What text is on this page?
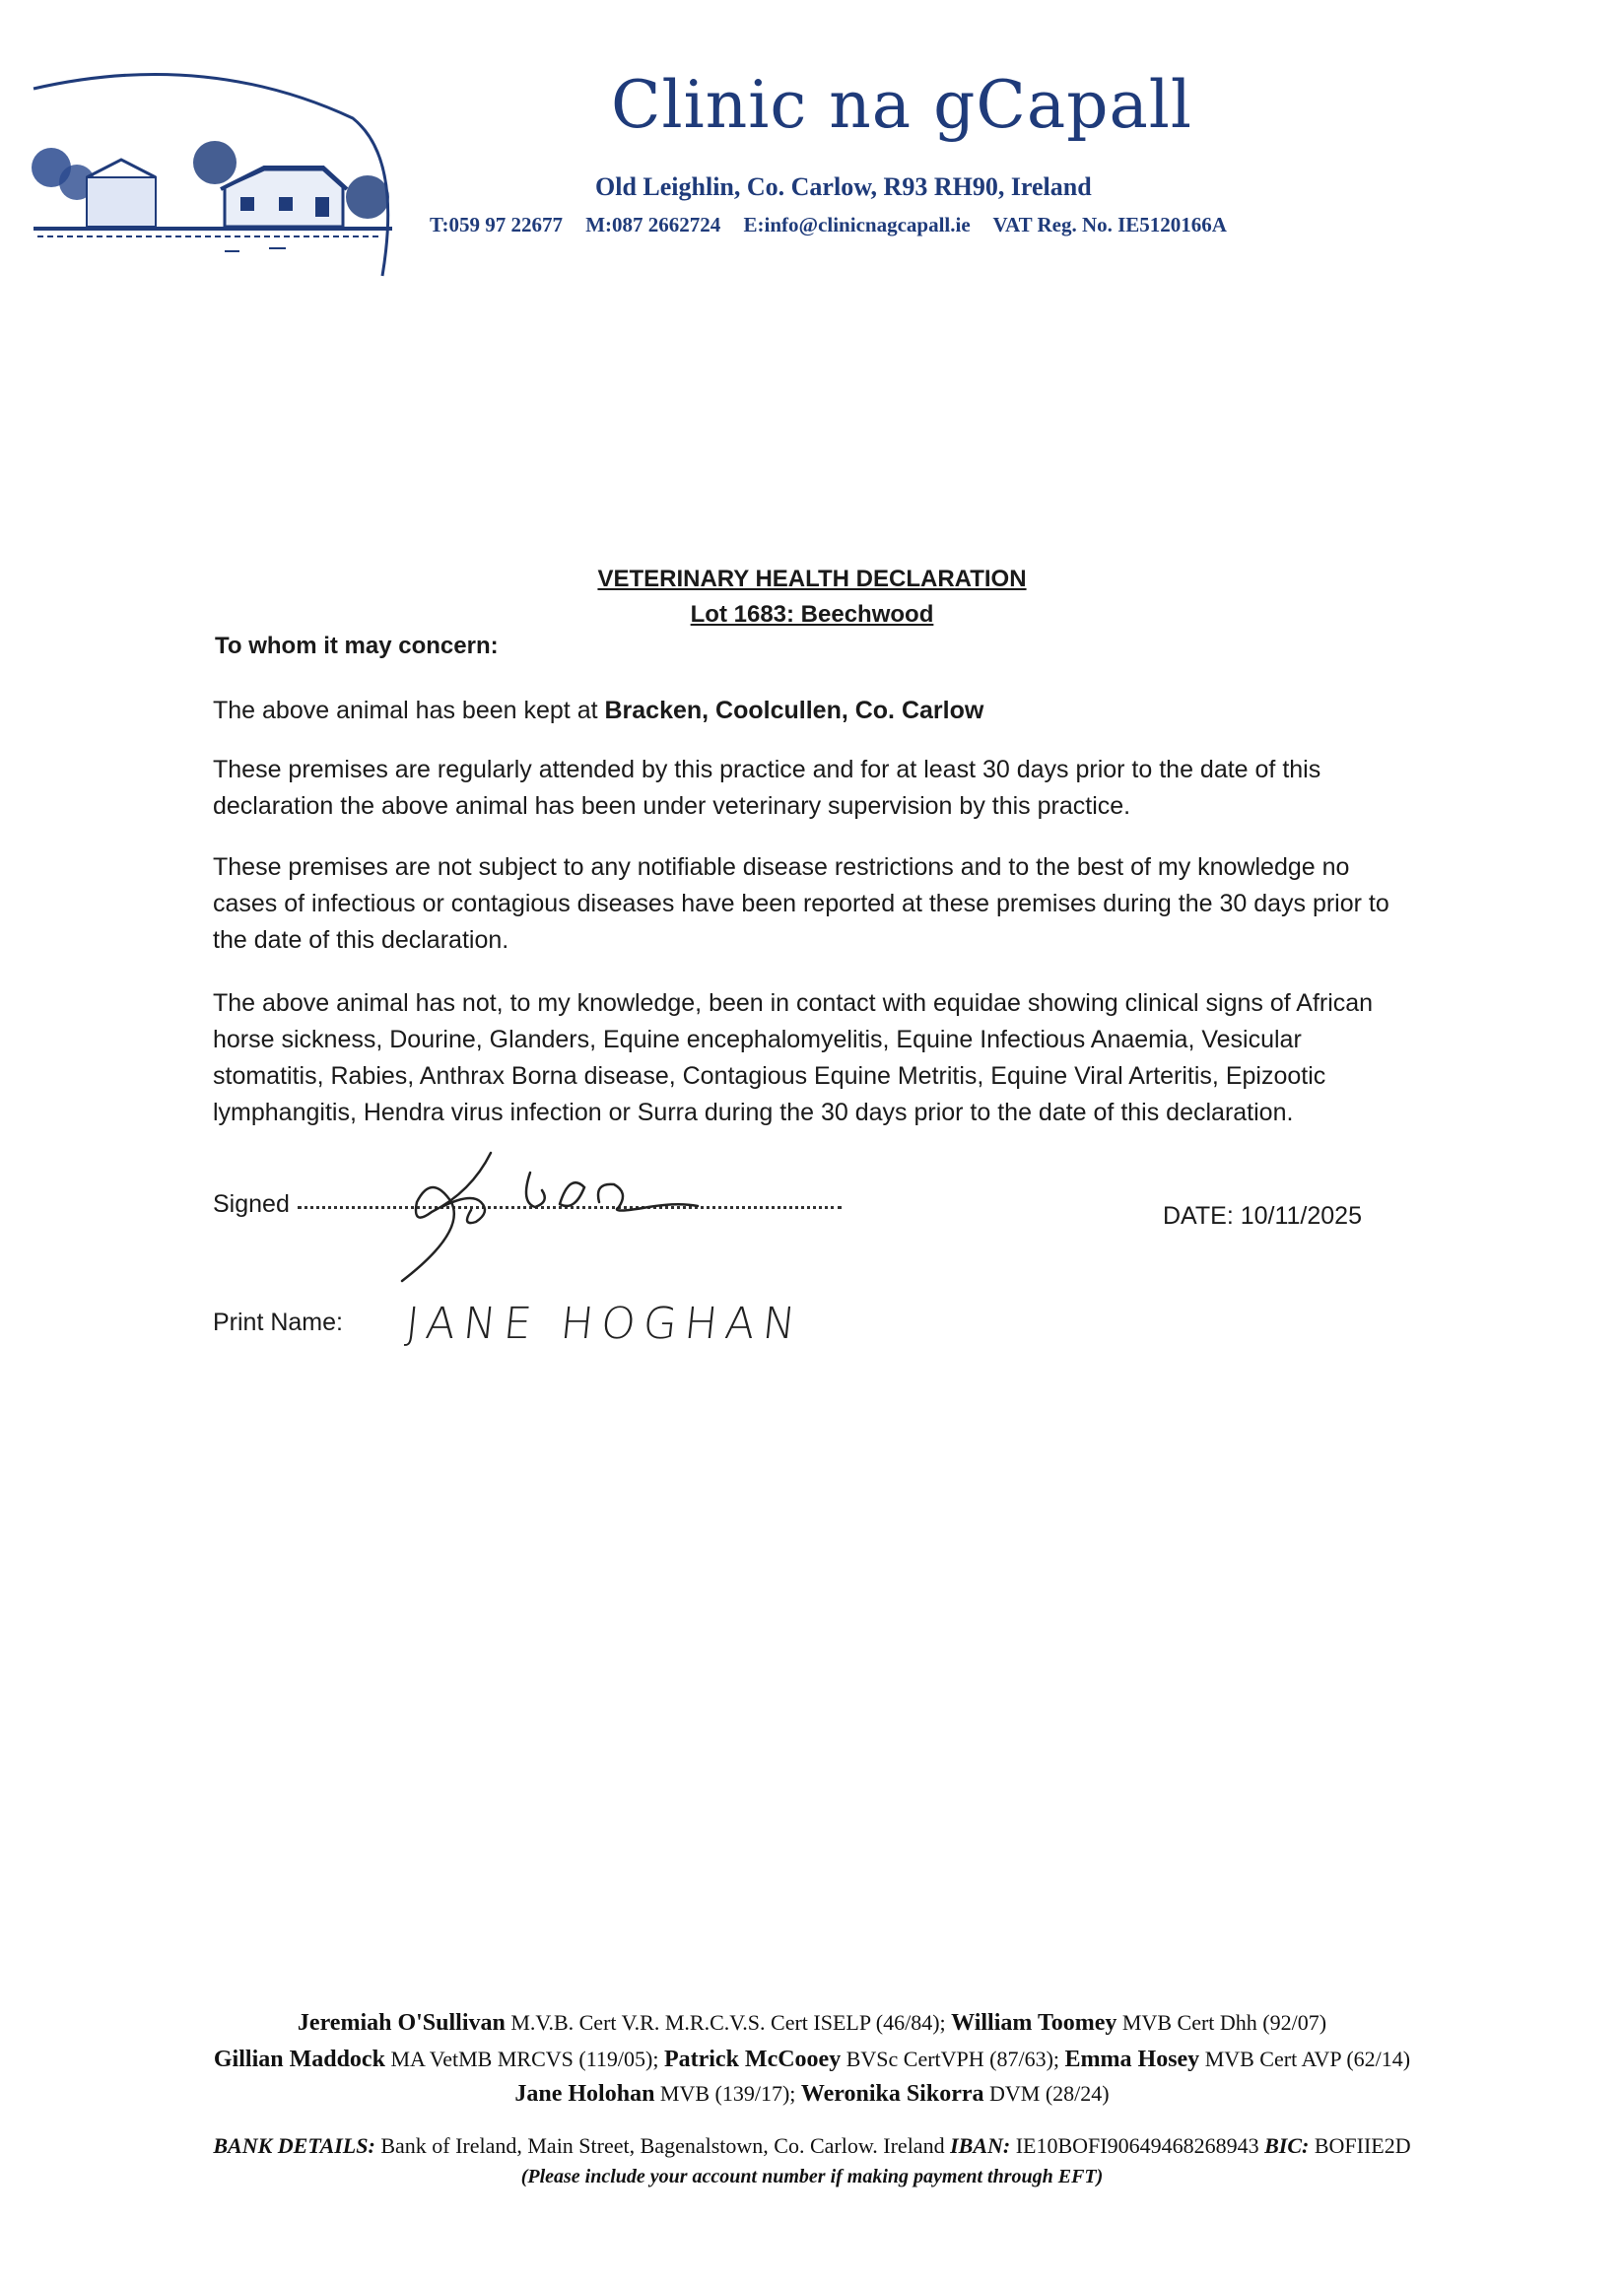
Clinic na gCapall
Old Leighlin, Co. Carlow, R93 RH90, Ireland
T:059 97 22677 M:087 2662724 E:info@clinicnagcapall.ie VAT Reg. No. IE5120166A
VETERINARY HEALTH DECLARATION
Lot 1683: Beechwood
To whom it may concern:

The above animal has been kept at Bracken, Coolcullen, Co. Carlow

These premises are regularly attended by this practice and for at least 30 days prior to the date of this declaration the above animal has been under veterinary supervision by this practice.

These premises are not subject to any notifiable disease restrictions and to the best of my knowledge no cases of infectious or contagious diseases have been reported at these premises during the 30 days prior to the date of this declaration.

The above animal has not, to my knowledge, been in contact with equidae showing clinical signs of African horse sickness, Dourine, Glanders, Equine encephalomyelitis, Equine Infectious Anaemia, Vesicular stomatitis, Rabies, Anthrax Borna disease, Contagious Equine Metritis, Equine Viral Arteritis, Epizootic lymphangitis, Hendra virus infection or Surra during the 30 days prior to the date of this declaration.

Signed	DATE: 10/11/2025
Print Name: JANE HOGHAN

Jeremiah O'Sullivan M.V.B. Cert V.R. M.R.C.V.S. Cert ISELP (46/84); William Toomey MVB Cert Dhh (92/07)

Gillian Maddock MA VetMB MRCVS (119/05); Patrick McCooey BVSc CertVPH (87/63); Emma Hosey MVB Cert AVP (62/14)

Jane Holohan MVB (139/17); Weronika Sikorra DVM (28/24)

BANK DETAILS: Bank of Ireland, Main Street, Bagenalstown, Co. Carlow. Ireland IBAN: IE10BOFI90649468268943 BIC: BOFIIE2D

(Please include your account number if making payment through EFT)
